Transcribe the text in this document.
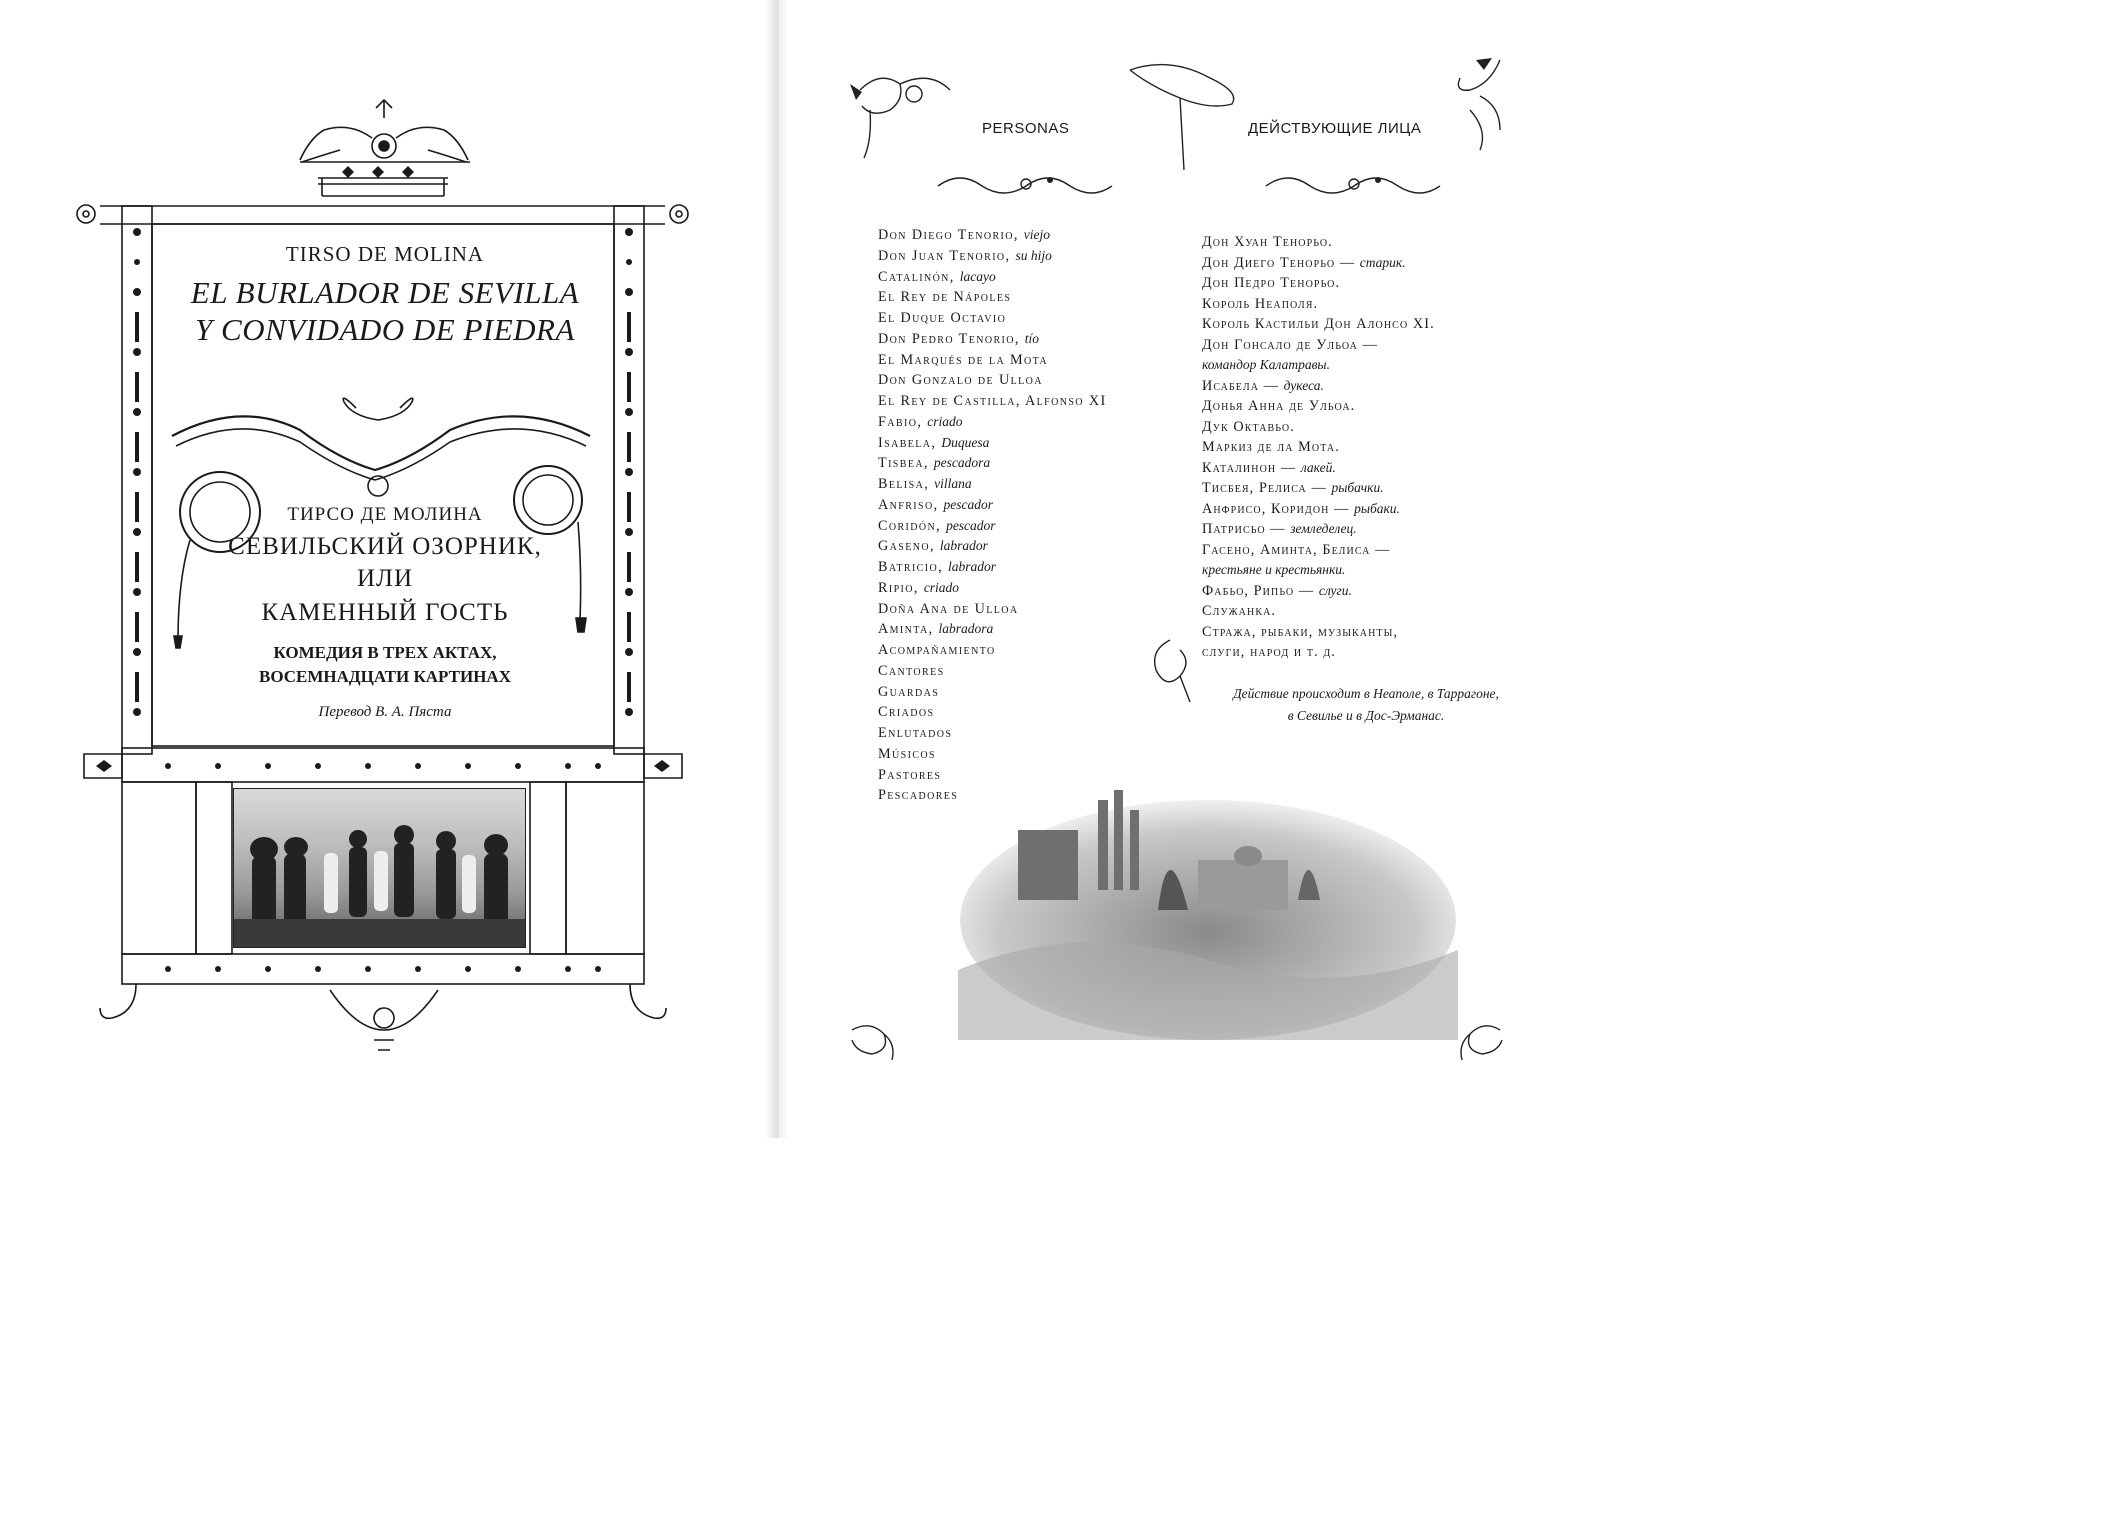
TIRSO DE MOLINA
EL BURLADOR DE SEVILLA
Y CONVIDADO DE PIEDRA
ТИРСО ДЕ МОЛИНА
СЕВИЛЬСКИЙ ОЗОРНИК,
ИЛИ
КАМЕННЫЙ ГОСТЬ
КОМЕДИЯ В ТРЕХ АКТАХ,
ВОСЕМНАДЦАТИ КАРТИНАХ
Перевод В. А. Пяста
PERSONAS	ДЕЙСТВУЮЩИЕ ЛИЦА
Don Diego Tenorio, viejo
Don Juan Tenorio, su hijo
Catalinón, lacayo
El Rey de Nápoles
El Duque Octavio
Don Pedro Tenorio, tío
El Marqués de la Mota
Don Gonzalo de Ulloa
El Rey de Castilla, Alfonso XI
Fabio, criado
Isabela, Duquesa
Tisbea, pescadora
Belisa, villana
Anfriso, pescador
Coridón, pescador
Gaseno, labrador
Batricio, labrador
Ripio, criado
Doña Ana de Ulloa
Aminta, labradora
Acompañamiento
Cantores
Guardas
Criados
Enlutados
Músicos
Pastores
Pescadores
Дон Хуан Тенорьо.
Дон Диего Тенорьо — старик.
Дон Педро Тенорьо.
Король Неаполя.
Король Кастильи Дон Алонсо XI.
Дон Гонсало де Ульоа —
командор Калатравы.
Исабела — дукеса.
Донья Анна де Ульоа.
Дук Октавьо.
Маркиз де ла Мота.
Каталинон — лакей.
Тисбея, Релиса — рыбачки.
Анфрисо, Коридон — рыбаки.
Патрисьо — земледелец.
Гасено, Аминта, Белиса —
крестьяне и крестьянки.
Фабьо, Рипьо — слуги.
Служанка.
Стража, рыбаки, музыканты,
слуги, народ и т. д.
Действие происходит в Неаполе, в Таррагоне,
в Севилье и в Дос-Эрманас.
